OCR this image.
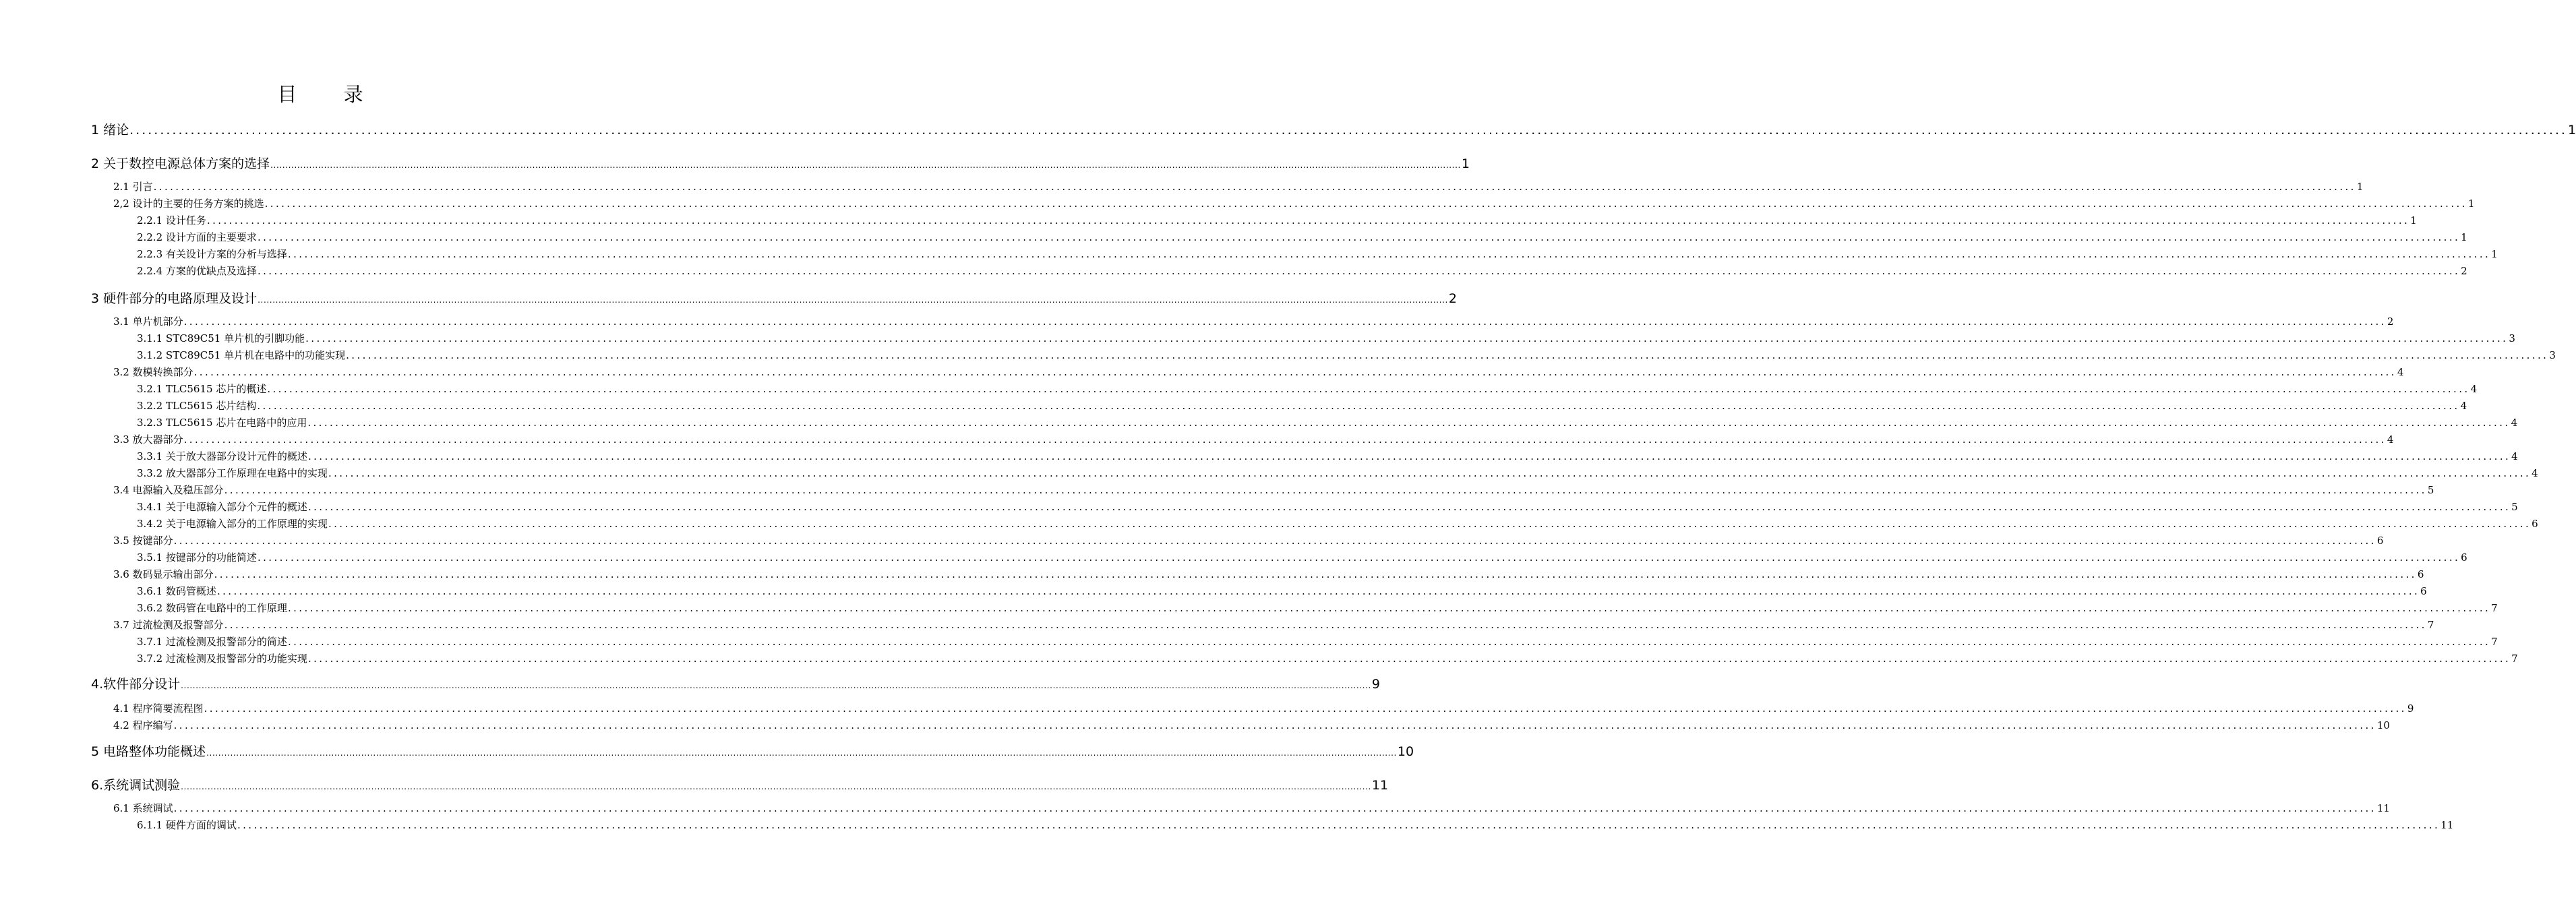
目 录
1 绪论 ................................................................................................................................................................................................................................................................................................................................................................................................................ 1
2 关于数控电源总体方案的选择 ................................................................................................................................................................................................................................................................................................................................................................................................................ 1
2.1 引言 ................................................................................................................................................................................................................................................................................................................................................................................................................ 1
2,2 设计的主要的任务方案的挑选 ................................................................................................................................................................................................................................................................................................................................................................................................................ 1
2.2.1 设计任务 ................................................................................................................................................................................................................................................................................................................................................................................................................ 1
2.2.2 设计方面的主要要求 ................................................................................................................................................................................................................................................................................................................................................................................................................ 1
2.2.3 有关设计方案的分析与选择 ................................................................................................................................................................................................................................................................................................................................................................................................................ 1
2.2.4 方案的优缺点及选择 ................................................................................................................................................................................................................................................................................................................................................................................................................ 2
3 硬件部分的电路原理及设计 ................................................................................................................................................................................................................................................................................................................................................................................................................ 2
3.1 单片机部分 ................................................................................................................................................................................................................................................................................................................................................................................................................ 2
3.1.1 STC89C51 单片机的引脚功能 ................................................................................................................................................................................................................................................................................................................................................................................................................ 3
3.1.2 STC89C51 单片机在电路中的功能实现 ................................................................................................................................................................................................................................................................................................................................................................................................................ 3
3.2 数模转换部分 ................................................................................................................................................................................................................................................................................................................................................................................................................ 4
3.2.1 TLC5615 芯片的概述 ................................................................................................................................................................................................................................................................................................................................................................................................................ 4
3.2.2 TLC5615 芯片结构 ................................................................................................................................................................................................................................................................................................................................................................................................................ 4
3.2.3 TLC5615 芯片在电路中的应用 ................................................................................................................................................................................................................................................................................................................................................................................................................ 4
3.3 放大器部分 ................................................................................................................................................................................................................................................................................................................................................................................................................ 4
3.3.1 关于放大器部分设计元件的概述 ................................................................................................................................................................................................................................................................................................................................................................................................................ 4
3.3.2 放大器部分工作原理在电路中的实现 ................................................................................................................................................................................................................................................................................................................................................................................................................ 4
3.4 电源输入及稳压部分 ................................................................................................................................................................................................................................................................................................................................................................................................................ 5
3.4.1 关于电源输入部分个元件的概述 ................................................................................................................................................................................................................................................................................................................................................................................................................ 5
3.4.2 关于电源输入部分的工作原理的实现 ................................................................................................................................................................................................................................................................................................................................................................................................................ 6
3.5 按键部分 ................................................................................................................................................................................................................................................................................................................................................................................................................ 6
3.5.1 按键部分的功能简述 ................................................................................................................................................................................................................................................................................................................................................................................................................ 6
3.6 数码显示输出部分 ................................................................................................................................................................................................................................................................................................................................................................................................................ 6
3.6.1 数码管概述 ................................................................................................................................................................................................................................................................................................................................................................................................................ 6
3.6.2 数码管在电路中的工作原理 ................................................................................................................................................................................................................................................................................................................................................................................................................ 7
3.7 过流检测及报警部分 ................................................................................................................................................................................................................................................................................................................................................................................................................ 7
3.7.1 过流检测及报警部分的简述 ................................................................................................................................................................................................................................................................................................................................................................................................................ 7
3.7.2 过流检测及报警部分的功能实现 ................................................................................................................................................................................................................................................................................................................................................................................................................ 7
4.软件部分设计 ................................................................................................................................................................................................................................................................................................................................................................................................................ 9
4.1 程序简要流程图 ................................................................................................................................................................................................................................................................................................................................................................................................................ 9
4.2 程序编写 ................................................................................................................................................................................................................................................................................................................................................................................................................ 10
5 电路整体功能概述 ................................................................................................................................................................................................................................................................................................................................................................................................................ 10
6.系统调试测验 ................................................................................................................................................................................................................................................................................................................................................................................................................ 11
6.1 系统调试 ................................................................................................................................................................................................................................................................................................................................................................................................................ 11
6.1.1 硬件方面的调试 ................................................................................................................................................................................................................................................................................................................................................................................................................ 11
